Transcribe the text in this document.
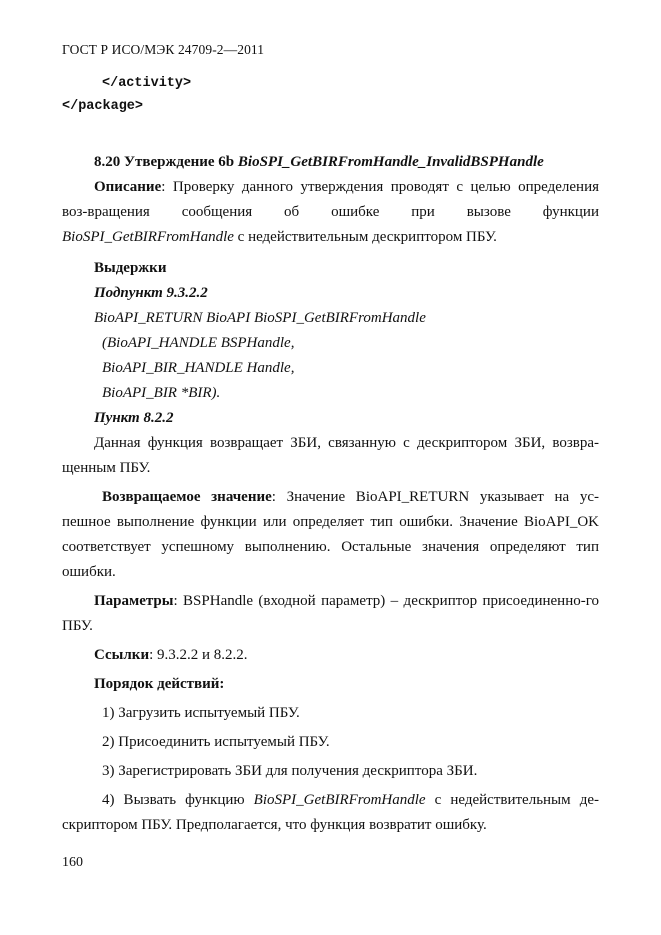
ГОСТ Р ИСО/МЭК 24709-2—2011
</activity>
</package>

8.20 Утверждение 6b BioSPI_GetBIRFromHandle_InvalidBSPHandle

Описание: Проверку данного утверждения проводят с целью определения воз-вращения сообщения об ошибке при вызове функции BioSPI_GetBIRFromHandle с недействительным дескриптором ПБУ.

Выдержки

Подпункт 9.3.2.2

BioAPI_RETURN BioAPI BioSPI_GetBIRFromHandle

(BioAPI_HANDLE BSPHandle,

BioAPI_BIR_HANDLE Handle,

BioAPI_BIR *BIR).

Пункт 8.2.2

Данная функция возвращает ЗБИ, связанную с дескриптором ЗБИ, возвра-щенным ПБУ.

Возвращаемое значение: Значение BioAPI_RETURN указывает на ус-пешное выполнение функции или определяет тип ошибки. Значение BioAPI_OK соответствует успешному выполнению. Остальные значения определяют тип ошибки.

Параметры: BSPHandle (входной параметр) – дескриптор присоединенно-го ПБУ.

Ссылки: 9.3.2.2 и 8.2.2.

Порядок действий:

1) Загрузить испытуемый ПБУ.

2) Присоединить испытуемый ПБУ.

3) Зарегистрировать ЗБИ для получения дескриптора ЗБИ.

4) Вызвать функцию BioSPI_GetBIRFromHandle с недействительным де-скриптором ПБУ. Предполагается, что функция возвратит ошибку.

160
